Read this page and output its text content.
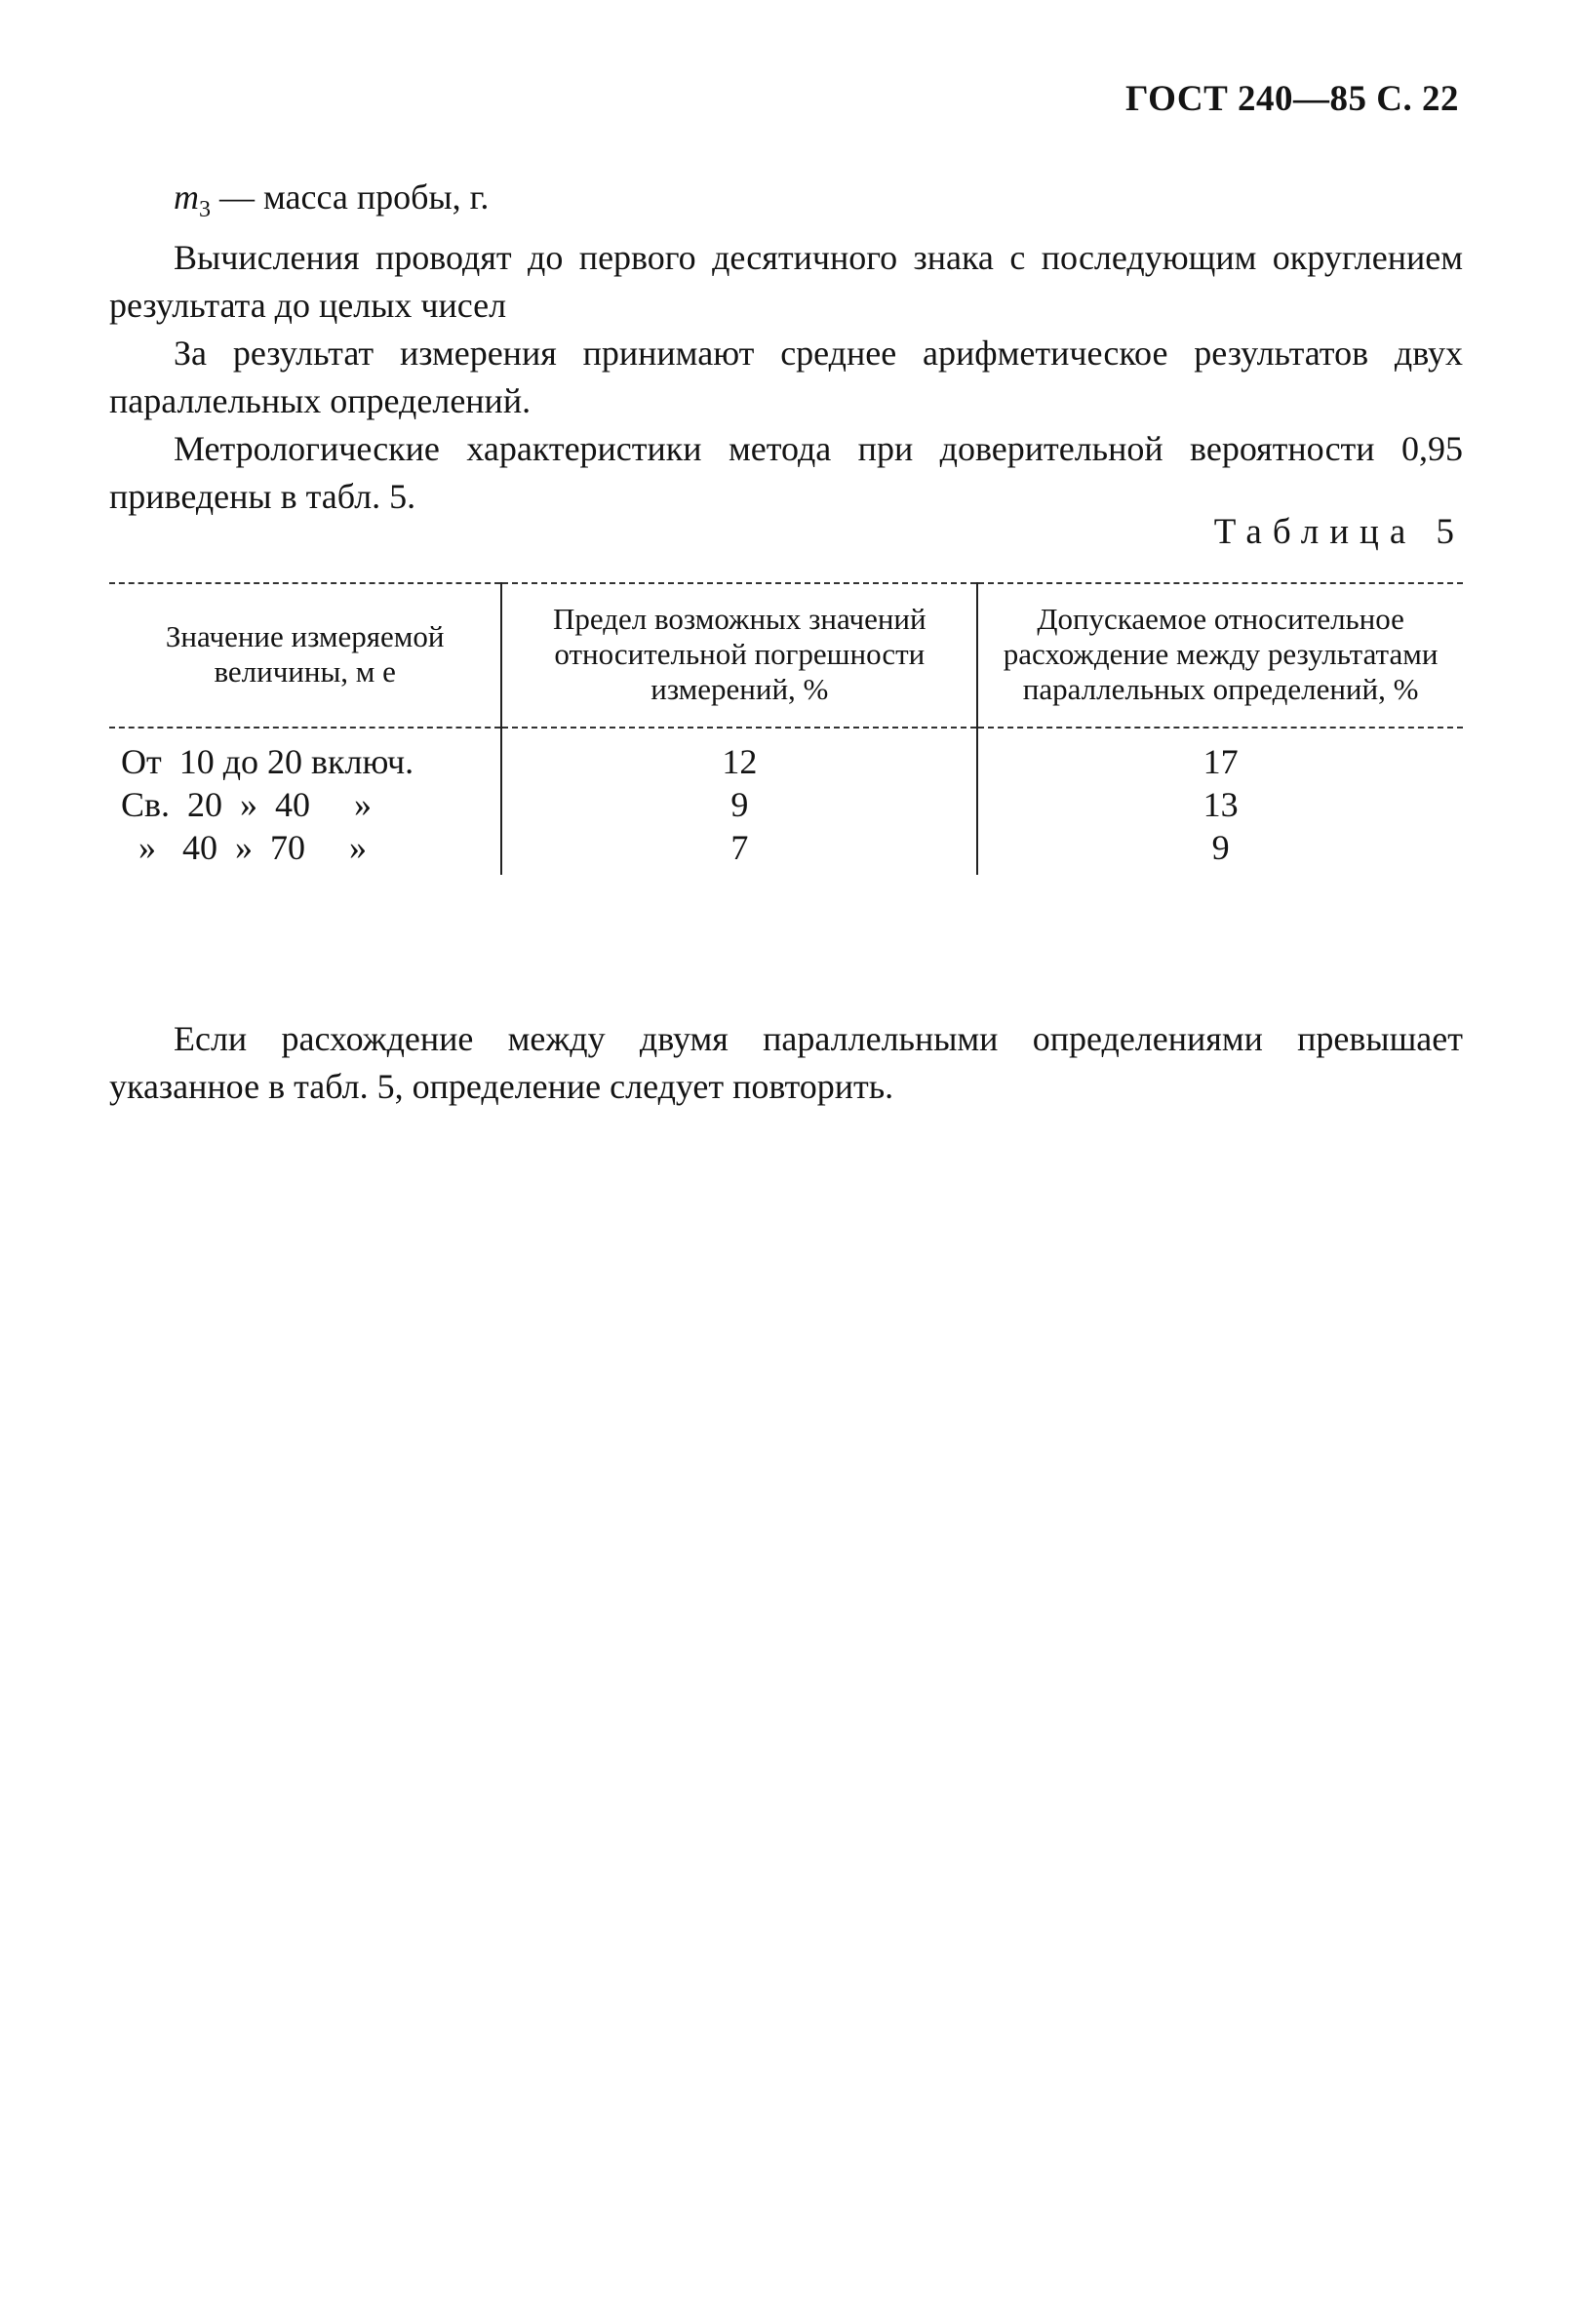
ГОСТ 240—85 С. 22

$m_3$ — масса пробы, г.

Вычисления проводят до первого десятичного знака с последующим округлением результата до целых чисел

За результат измерения принимают среднее арифметическое результатов двух параллельных определений.

Метрологические характеристики метода при доверительной вероятности 0,95 приведены в табл. 5.

Таблица 5
Значение измеряемой величины, м е	Предел возможных значений относительной погрешности измерений, %	Допускаемое относительное расхождение между результатами параллельных определений, %
От  10 до 20 включ.	12	17
Св.  20  »  40     »	9	13
»   40  »  70     »	7	9

Если расхождение между двумя параллельными определениями превышает указанное в табл. 5, определение следует повторить.
